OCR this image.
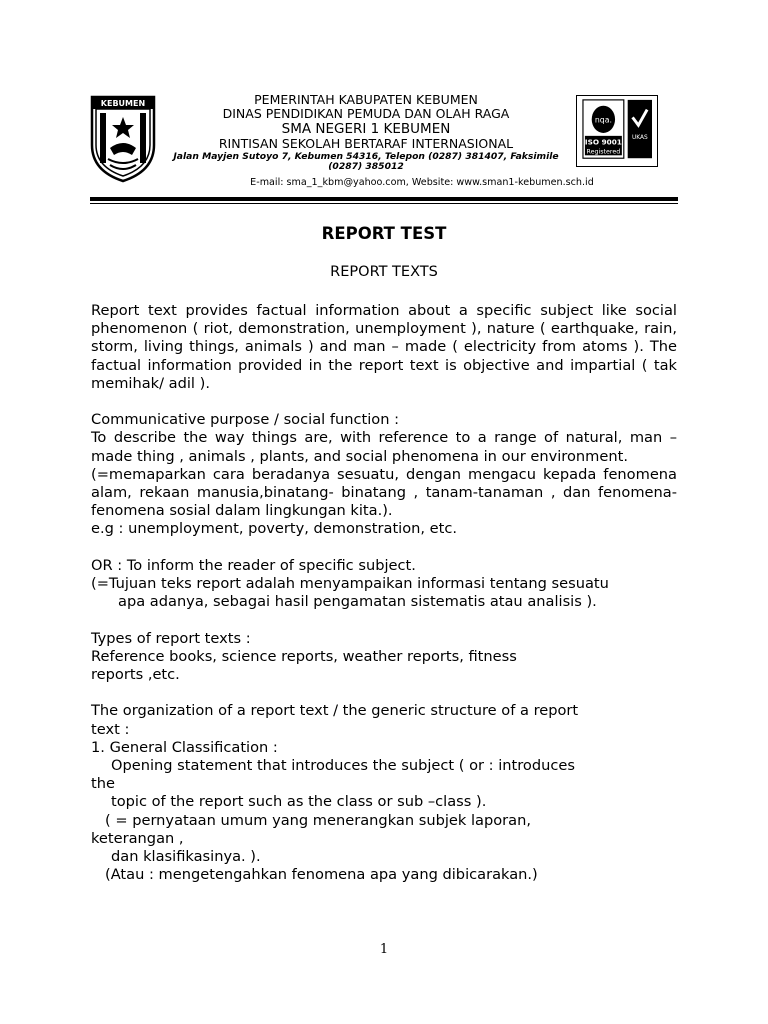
KEBUMEN	PEMERINTAH KABUPATEN KEBUMEN
DINAS PENDIDIKAN PEMUDA DAN OLAH RAGA
SMA NEGERI 1 KEBUMEN
RINTISAN SEKOLAH BERTARAF INTERNASIONAL
Jalan Mayjen Sutoyo 7, Kebumen 54316, Telepon (0287) 381407, Faksimile (0287) 385012
E-mail: sma_1_kbm@yahoo.com, Website: www.sman1-kebumen.sch.id
nqa.
ISO 9001
Registered
UKAS
REPORT TEST
REPORT TEXTS

Report text provides factual information about a specific subject like social phenomenon ( riot, demonstration, unemployment ), nature ( earthquake, rain, storm, living things, animals ) and man – made ( electricity from atoms ). The factual information provided in the report text is objective and impartial ( tak memihak/ adil ).

Communicative purpose / social function :

To describe the way things are, with reference to a range of natural, man –made thing , animals , plants, and social phenomena in our environment.

(=memaparkan cara beradanya sesuatu, dengan mengacu kepada fenomena alam, rekaan manusia,binatang- binatang , tanam-tanaman , dan fenomena- fenomena sosial dalam lingkungan kita.).

e.g : unemployment, poverty, demonstration, etc.

OR : To inform the reader of specific subject.

(=Tujuan teks report adalah menyampaikan informasi tentang sesuatu

apa adanya, sebagai hasil pengamatan sistematis atau analisis ).

Types of report texts :

Reference books, science reports, weather reports, fitness

reports ,etc.

The organization of a report text / the generic structure of a report

text :

1. General Classification :

Opening statement that introduces the subject ( or : introduces

the

topic of the report such as the class or sub –class ).

( = pernyataan umum yang menerangkan subjek laporan,

keterangan ,

dan klasifikasinya. ).

(Atau : mengetengahkan fenomena apa yang dibicarakan.)

1
